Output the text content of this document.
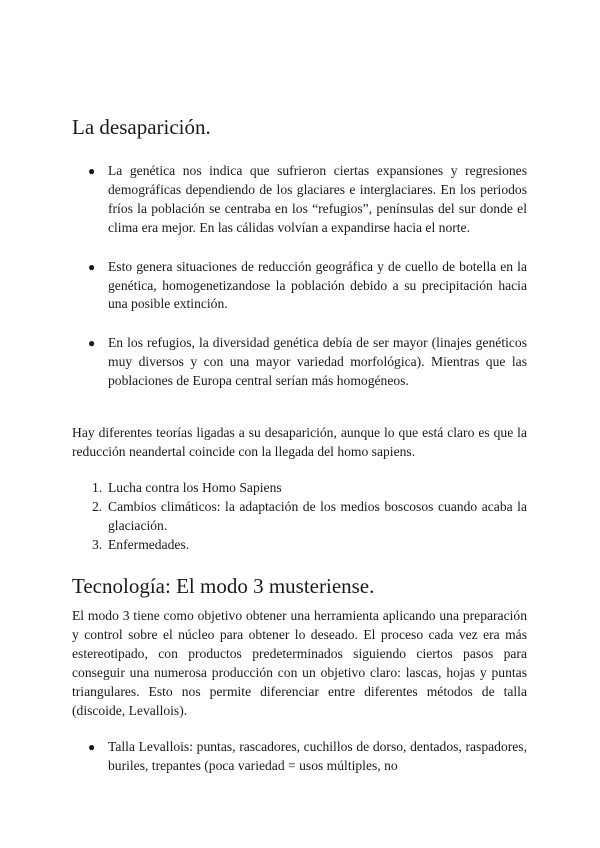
La desaparición.
● La genética nos indica que sufrieron ciertas expansiones y regresiones demográficas dependiendo de los glaciares e interglaciares. En los periodos fríos la población se centraba en los “refugios”, penínsulas del sur donde el clima era mejor. En las cálidas volvían a expandirse hacia el norte.
● Esto genera situaciones de reducción geográfica y de cuello de botella en la genética, homogenetizandose la población debido a su precipitación hacia una posible extinción.
● En los refugios, la diversidad genética debía de ser mayor (linajes genéticos muy diversos y con una mayor variedad morfológica). Mientras que las poblaciones de Europa central serían más homogéneos.

Hay diferentes teorías ligadas a su desaparición, aunque lo que está claro es que la reducción neandertal coincide con la llegada del homo sapiens.

1. Lucha contra los Homo Sapiens
2. Cambios climáticos: la adaptación de los medios boscosos cuando acaba la glaciación.
3. Enfermedades.
Tecnología: El modo 3 musteriense.

El modo 3 tiene como objetivo obtener una herramienta aplicando una preparación y control sobre el núcleo para obtener lo deseado. El proceso cada vez era más estereotipado, con productos predeterminados siguiendo ciertos pasos para conseguir una numerosa producción con un objetivo claro: lascas, hojas y puntas triangulares. Esto nos permite diferenciar entre diferentes métodos de talla (discoide, Levallois).

● Talla Levallois: puntas, rascadores, cuchillos de dorso, dentados, raspadores, buriles, trepantes (poca variedad = usos múltiples, no
